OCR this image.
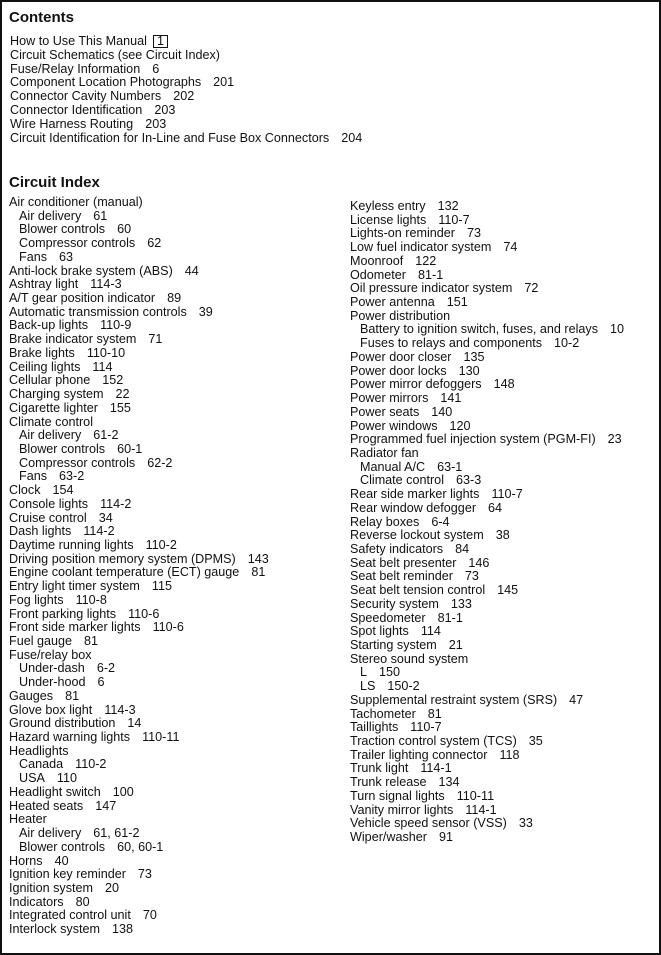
Contents
How to Use This Manual 1
Circuit Schematics (see Circuit Index)
Fuse/Relay Information 6
Component Location Photographs 201
Connector Cavity Numbers 202
Connector Identification 203
Wire Harness Routing 203
Circuit Identification for In-Line and Fuse Box Connectors 204
Circuit Index
Air conditioner (manual)
Air delivery 61
Blower controls 60
Compressor controls 62
Fans 63
Anti-lock brake system (ABS) 44
Ashtray light 114-3
A/T gear position indicator 89
Automatic transmission controls 39
Back-up lights 110-9
Brake indicator system 71
Brake lights 110-10
Ceiling lights 114
Cellular phone 152
Charging system 22
Cigarette lighter 155
Climate control
Air delivery 61-2
Blower controls 60-1
Compressor controls 62-2
Fans 63-2
Clock 154
Console lights 114-2
Cruise control 34
Dash lights 114-2
Daytime running lights 110-2
Driving position memory system (DPMS) 143
Engine coolant temperature (ECT) gauge 81
Entry light timer system 115
Fog lights 110-8
Front parking lights 110-6
Front side marker lights 110-6
Fuel gauge 81
Fuse/relay box
Under-dash 6-2
Under-hood 6
Gauges 81
Glove box light 114-3
Ground distribution 14
Hazard warning lights 110-11
Headlights
Canada 110-2
USA 110
Headlight switch 100
Heated seats 147
Heater
Air delivery 61, 61-2
Blower controls 60, 60-1
Horns 40
Ignition key reminder 73
Ignition system 20
Indicators 80
Integrated control unit 70
Interlock system 138
Keyless entry 132
License lights 110-7
Lights-on reminder 73
Low fuel indicator system 74
Moonroof 122
Odometer 81-1
Oil pressure indicator system 72
Power antenna 151
Power distribution
Battery to ignition switch, fuses, and relays 10
Fuses to relays and components 10-2
Power door closer 135
Power door locks 130
Power mirror defoggers 148
Power mirrors 141
Power seats 140
Power windows 120
Programmed fuel injection system (PGM-FI) 23
Radiator fan
Manual A/C 63-1
Climate control 63-3
Rear side marker lights 110-7
Rear window defogger 64
Relay boxes 6-4
Reverse lockout system 38
Safety indicators 84
Seat belt presenter 146
Seat belt reminder 73
Seat belt tension control 145
Security system 133
Speedometer 81-1
Spot lights 114
Starting system 21
Stereo sound system
L 150
LS 150-2
Supplemental restraint system (SRS) 47
Tachometer 81
Taillights 110-7
Traction control system (TCS) 35
Trailer lighting connector 118
Trunk light 114-1
Trunk release 134
Turn signal lights 110-11
Vanity mirror lights 114-1
Vehicle speed sensor (VSS) 33
Wiper/washer 91
